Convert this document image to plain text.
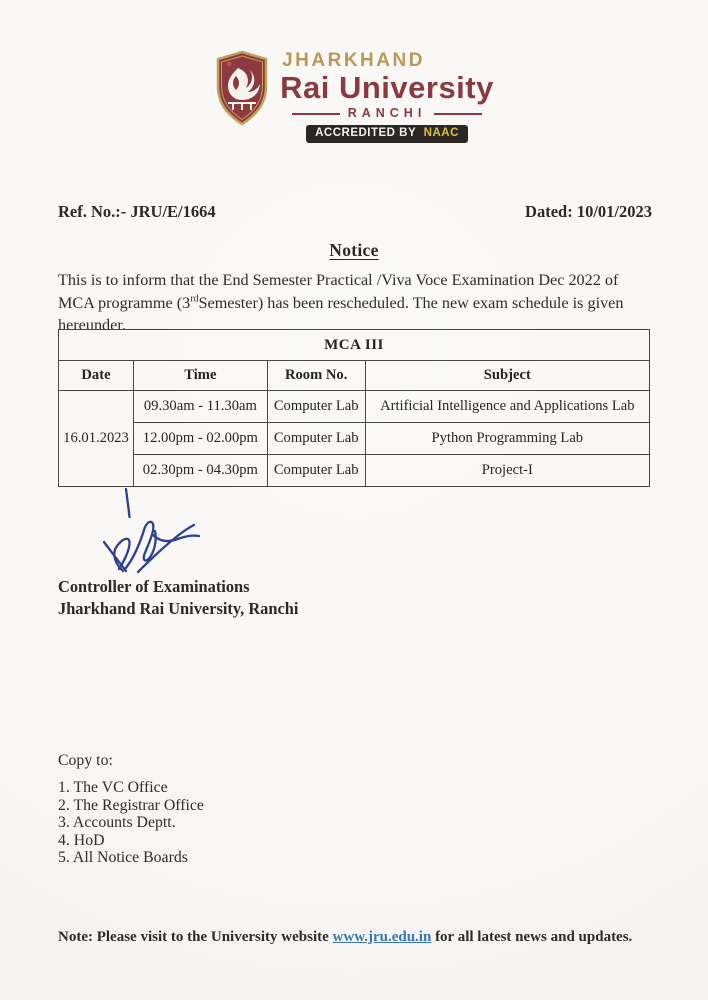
JHARKHAND
Rai University
RANCHI
ACCREDITED BY NAAC
Ref. No.:- JRU/E/1664	Dated: 10/01/2023
Notice
This is to inform that the End Semester Practical /Viva Voce Examination Dec 2022 of MCA programme (3rdSemester) has been rescheduled. The new exam schedule is given hereunder.
MCA III			
Date	Time	Room No.	Subject
16.01.2023	09.30am - 11.30am	Computer Lab	Artificial Intelligence and Applications Lab
	12.00pm - 02.00pm	Computer Lab	Python Programming Lab
	02.30pm - 04.30pm	Computer Lab	Project-I
Controller of Examinations
Jharkhand Rai University, Ranchi
Copy to:
1. The VC Office
2. The Registrar Office
3. Accounts Deptt.
4. HoD
5. All Notice Boards
Note: Please visit to the University website www.jru.edu.in for all latest news and updates.
